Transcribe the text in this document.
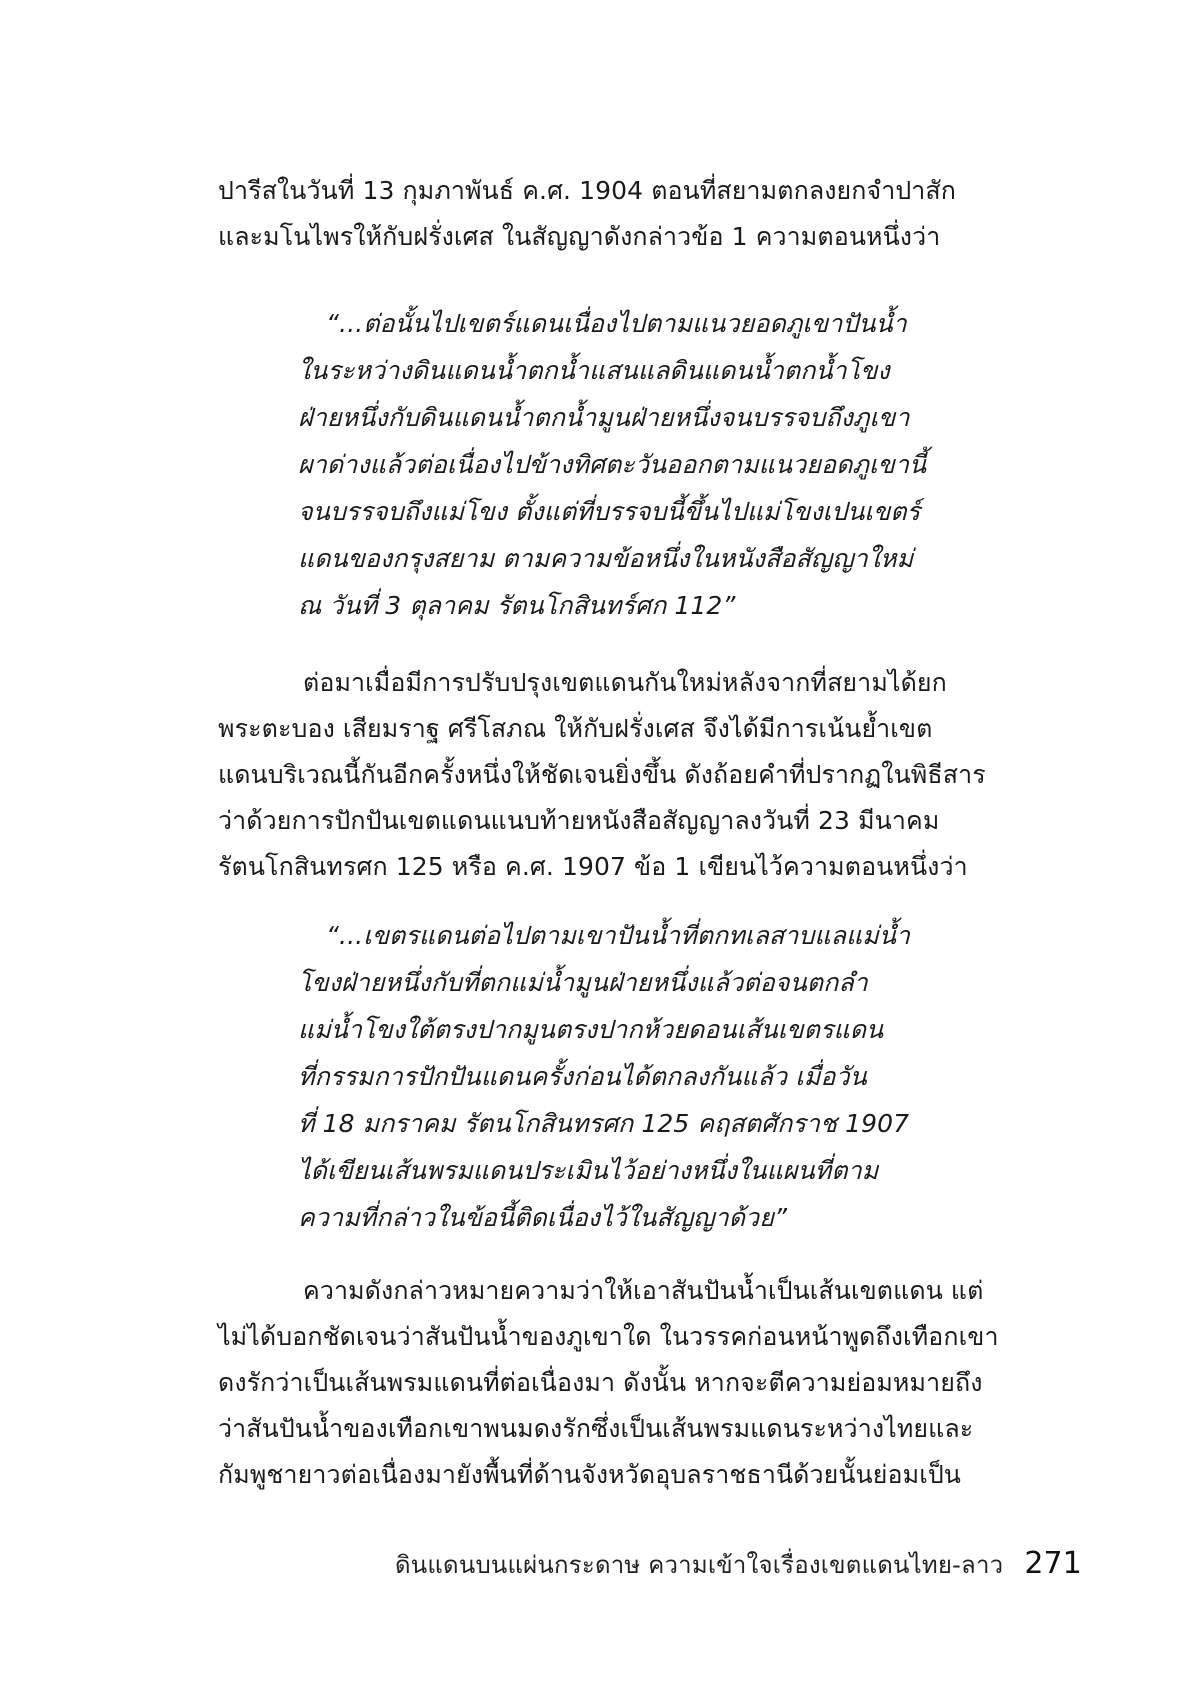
ปารีสในวันที่ 13 กุมภาพันธ์ ค.ศ. 1904 ตอนที่สยามตกลงยกจำปาสัก
และมโนไพรให้กับฝรั่งเศส ในสัญญาดังกล่าวข้อ 1 ความตอนหนึ่งว่า
“...ต่อนั้นไปเขตร์แดนเนื่องไปตามแนวยอดภูเขาปันน้ำ
ในระหว่างดินแดนน้ำตกน้ำแสนแลดินแดนน้ำตกน้ำโขง
ฝ่ายหนึ่งกับดินแดนน้ำตกน้ำมูนฝ่ายหนึ่งจนบรรจบถึงภูเขา
ผาด่างแล้วต่อเนื่องไปข้างทิศตะวันออกตามแนวยอดภูเขานี้
จนบรรจบถึงแม่โขง ตั้งแต่ที่บรรจบนี้ขึ้นไปแม่โขงเปนเขตร์
แดนของกรุงสยาม ตามความข้อหนึ่งในหนังสือสัญญาใหม่
ณ วันที่ 3 ตุลาคม รัตนโกสินทร์ศก 112”
ต่อมาเมื่อมีการปรับปรุงเขตแดนกันใหม่หลังจากที่สยามได้ยก
พระตะบอง เสียมราฐ ศรีโสภณ ให้กับฝรั่งเศส จึงได้มีการเน้นย้ำเขต
แดนบริเวณนี้กันอีกครั้งหนึ่งให้ชัดเจนยิ่งขึ้น ดังถ้อยคำที่ปรากฏในพิธีสาร
ว่าด้วยการปักปันเขตแดนแนบท้ายหนังสือสัญญาลงวันที่ 23 มีนาคม
รัตนโกสินทรศก 125 หรือ ค.ศ. 1907 ข้อ 1 เขียนไว้ความตอนหนึ่งว่า
“...เขตรแดนต่อไปตามเขาปันน้ำที่ตกทเลสาบแลแม่น้ำ
โขงฝ่ายหนึ่งกับที่ตกแม่น้ำมูนฝ่ายหนึ่งแล้วต่อจนตกลำ
แม่น้ำโขงใต้ตรงปากมูนตรงปากห้วยดอนเส้นเขตรแดน
ที่กรรมการปักปันแดนครั้งก่อนได้ตกลงกันแล้ว เมื่อวัน
ที่ 18 มกราคม รัตนโกสินทรศก 125 คฤสตศักราช 1907
ได้เขียนเส้นพรมแดนประเมินไว้อย่างหนึ่งในแผนที่ตาม
ความที่กล่าวในข้อนี้ติดเนื่องไว้ในสัญญาด้วย”
ความดังกล่าวหมายความว่าให้เอาสันปันน้ำเป็นเส้นเขตแดน แต่
ไม่ได้บอกชัดเจนว่าสันปันน้ำของภูเขาใด ในวรรคก่อนหน้าพูดถึงเทือกเขา
ดงรักว่าเป็นเส้นพรมแดนที่ต่อเนื่องมา ดังนั้น หากจะตีความย่อมหมายถึง
ว่าสันปันน้ำของเทือกเขาพนมดงรักซึ่งเป็นเส้นพรมแดนระหว่างไทยและ
กัมพูชายาวต่อเนื่องมายังพื้นที่ด้านจังหวัดอุบลราชธานีด้วยนั้นย่อมเป็น
ดินแดนบนแผ่นกระดาษ ความเข้าใจเรื่องเขตแดนไทย-ลาว 271
